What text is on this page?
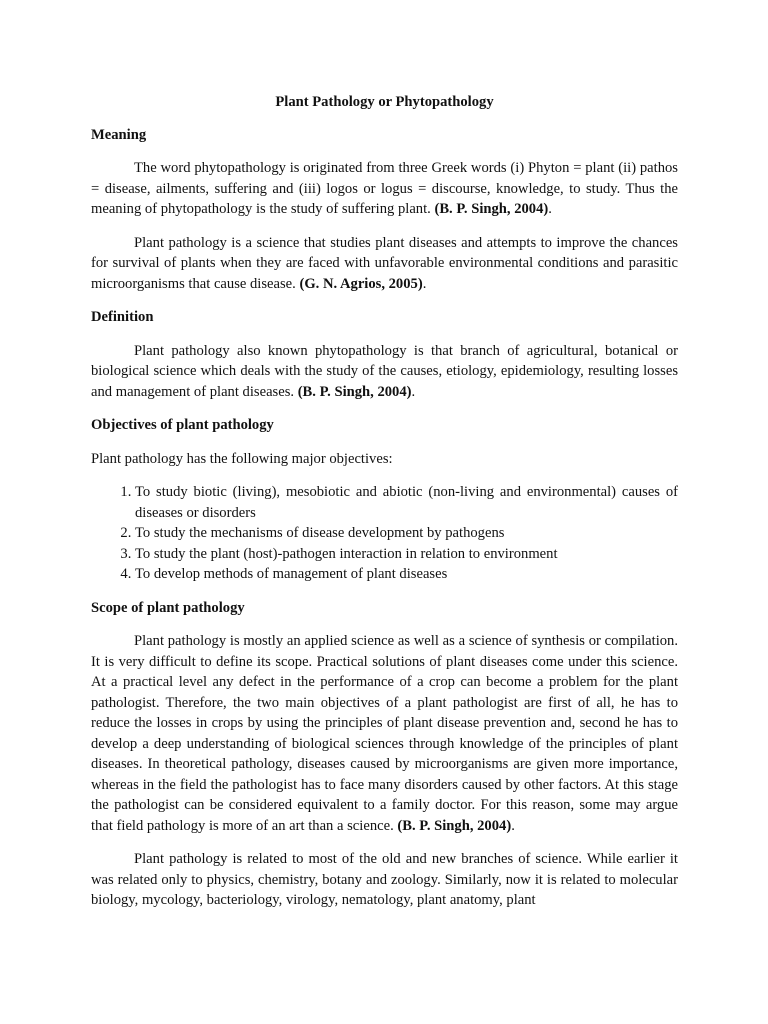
Plant Pathology or Phytopathology
Meaning

The word phytopathology is originated from three Greek words (i) Phyton = plant (ii) pathos = disease, ailments, suffering and (iii) logos or logus = discourse, knowledge, to study. Thus the meaning of phytopathology is the study of suffering plant. (B. P. Singh, 2004).

Plant pathology is a science that studies plant diseases and attempts to improve the chances for survival of plants when they are faced with unfavorable environmental conditions and parasitic microorganisms that cause disease. (G. N. Agrios, 2005).

Definition

Plant pathology also known phytopathology is that branch of agricultural, botanical or biological science which deals with the study of the causes, etiology, epidemiology, resulting losses and management of plant diseases. (B. P. Singh, 2004).

Objectives of plant pathology

Plant pathology has the following major objectives:

1. To study biotic (living), mesobiotic and abiotic (non-living and environmental) causes of diseases or disorders
2. To study the mechanisms of disease development by pathogens
3. To study the plant (host)-pathogen interaction in relation to environment
4. To develop methods of management of plant diseases
Scope of plant pathology

Plant pathology is mostly an applied science as well as a science of synthesis or compilation. It is very difficult to define its scope. Practical solutions of plant diseases come under this science. At a practical level any defect in the performance of a crop can become a problem for the plant pathologist. Therefore, the two main objectives of a plant pathologist are first of all, he has to reduce the losses in crops by using the principles of plant disease prevention and, second he has to develop a deep understanding of biological sciences through knowledge of the principles of plant diseases. In theoretical pathology, diseases caused by microorganisms are given more importance, whereas in the field the pathologist has to face many disorders caused by other factors. At this stage the pathologist can be considered equivalent to a family doctor. For this reason, some may argue that field pathology is more of an art than a science. (B. P. Singh, 2004).

Plant pathology is related to most of the old and new branches of science. While earlier it was related only to physics, chemistry, botany and zoology. Similarly, now it is related to molecular biology, mycology, bacteriology, virology, nematology, plant anatomy, plant
